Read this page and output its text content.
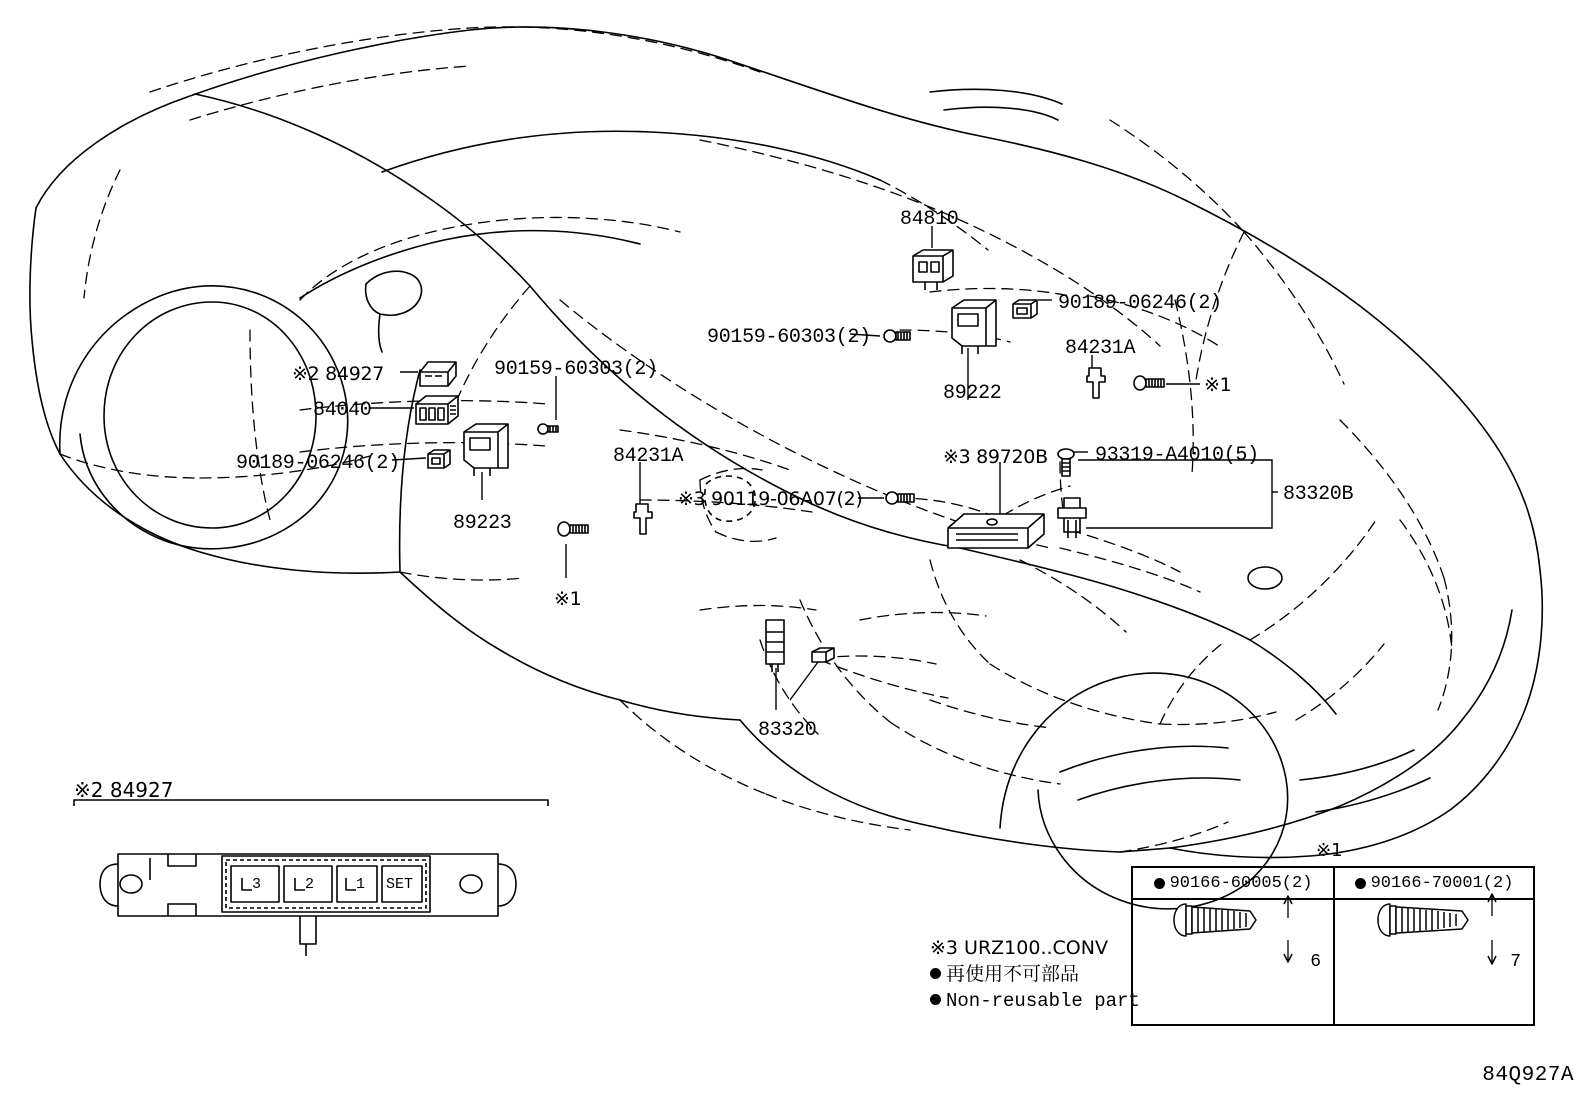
84810
90189-06246(2)
90159-60303(2)	84231A
※1
89222
※2 84927	90159-60303(2)
84040
90189-06246(2)	84231A	※3 89720B 93319-A4010(5)
83320B
※3 90119-06A07(2)
89223
※1
83320
※2 84927
3	2	1 SET
※3 URZ100..CONV
再使用不可部品
Non-reusable part
※1
90166-60005(2)
6
90166-70001(2)
7
84Q927A
